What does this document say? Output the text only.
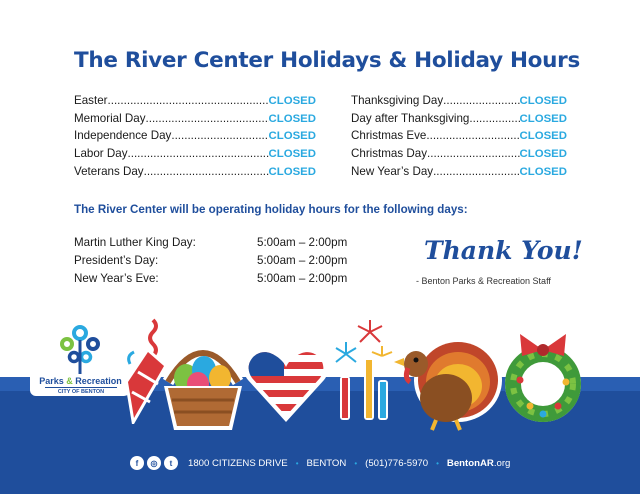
The River Center Holidays & Holiday Hours
Easter .....	CLOSED
Memorial Day .....	CLOSED
Independence Day .....	CLOSED
Labor Day .....	CLOSED
Veterans Day .....	CLOSED
Thanksgiving Day .....	CLOSED
Day after Thanksgiving .....	CLOSED
Christmas Eve .....	CLOSED
Christmas Day .....	CLOSED
New Year’s Day .....	CLOSED
The River Center will be operating holiday hours for the following days:
Martin Luther King Day:	5:00am – 2:00pm
President’s Day:	5:00am – 2:00pm
New Year’s Eve:	5:00am – 2:00pm
Thank You!
- Benton Parks & Recreation Staff
Parks & Recreation
CITY OF BENTON
f	◎	t	1800 CITIZENS DRIVE • BENTON • (501)776-5970 • BentonAR.org
